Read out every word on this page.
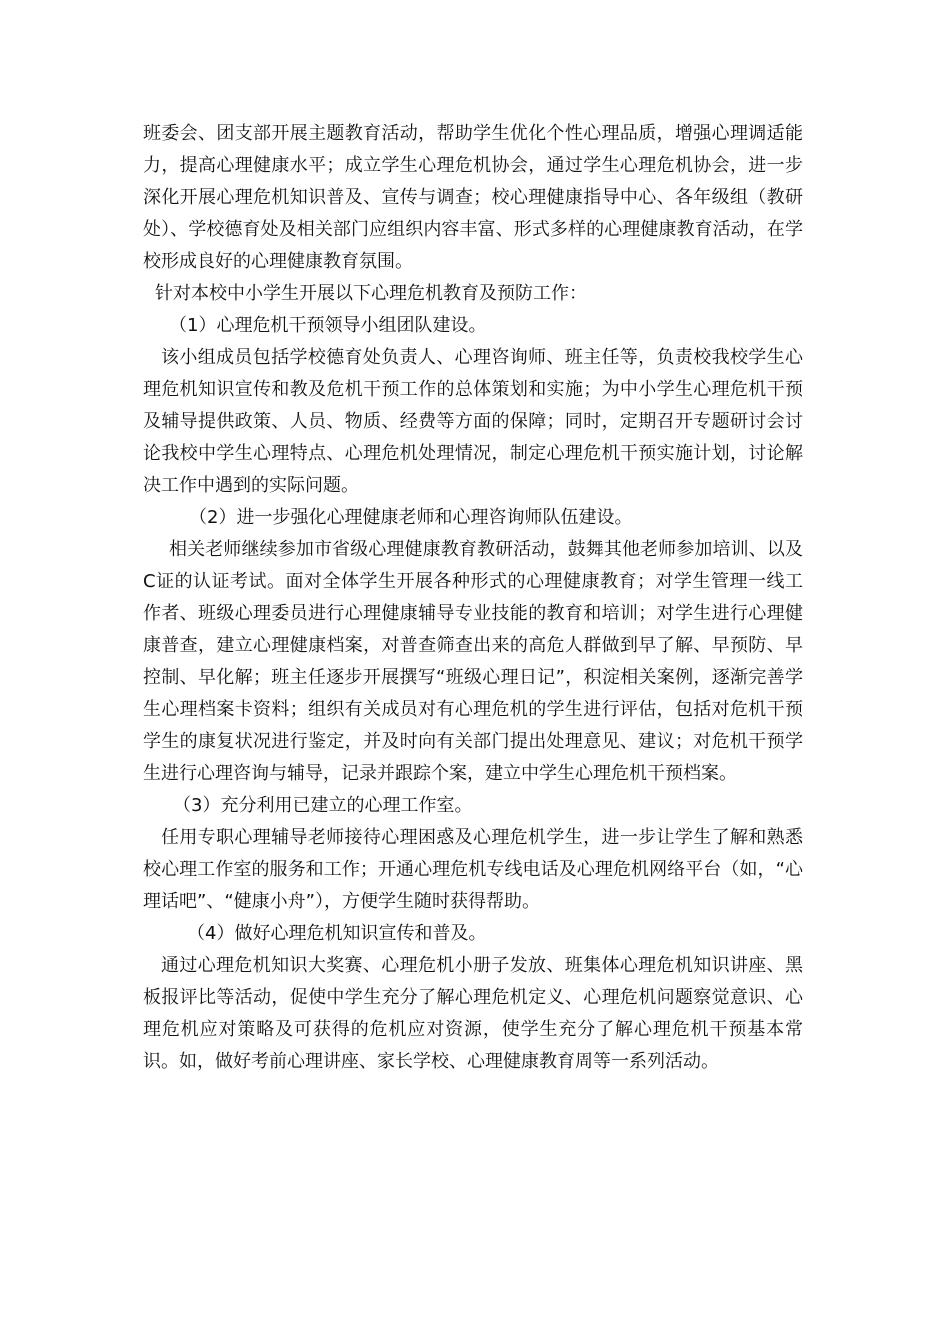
班委会、团支部开展主题教育活动，帮助学生优化个性心理品质，增强心理调适能力，提高心理健康水平；成立学生心理危机协会，通过学生心理危机协会，进一步深化开展心理危机知识普及、宣传与调查；校心理健康指导中心、各年级组（教研处）、学校德育处及相关部门应组织内容丰富、形式多样的心理健康教育活动，在学校形成良好的心理健康教育氛围。

针对本校中小学生开展以下心理危机教育及预防工作：

（1）心理危机干预领导小组团队建设。

该小组成员包括学校德育处负责人、心理咨询师、班主任等，负责校我校学生心理危机知识宣传和教及危机干预工作的总体策划和实施；为中小学生心理危机干预及辅导提供政策、人员、物质、经费等方面的保障；同时，定期召开专题研讨会讨论我校中学生心理特点、心理危机处理情况，制定心理危机干预实施计划，讨论解决工作中遇到的实际问题。

（2）进一步强化心理健康老师和心理咨询师队伍建设。

相关老师继续参加市省级心理健康教育教研活动，鼓舞其他老师参加培训、以及C证的认证考试。面对全体学生开展各种形式的心理健康教育；对学生管理一线工作者、班级心理委员进行心理健康辅导专业技能的教育和培训；对学生进行心理健康普查，建立心理健康档案，对普查筛查出来的高危人群做到早了解、早预防、早控制、早化解；班主任逐步开展撰写“班级心理日记”，积淀相关案例，逐渐完善学生心理档案卡资料；组织有关成员对有心理危机的学生进行评估，包括对危机干预学生的康复状况进行鉴定，并及时向有关部门提出处理意见、建议；对危机干预学生进行心理咨询与辅导，记录并跟踪个案，建立中学生心理危机干预档案。

（3）充分利用已建立的心理工作室。

任用专职心理辅导老师接待心理困惑及心理危机学生，进一步让学生了解和熟悉校心理工作室的服务和工作；开通心理危机专线电话及心理危机网络平台（如，“心理话吧”、“健康小舟”），方便学生随时获得帮助。

（4）做好心理危机知识宣传和普及。

通过心理危机知识大奖赛、心理危机小册子发放、班集体心理危机知识讲座、黑板报评比等活动，促使中学生充分了解心理危机定义、心理危机问题察觉意识、心理危机应对策略及可获得的危机应对资源，使学生充分了解心理危机干预基本常识。如，做好考前心理讲座、家长学校、心理健康教育周等一系列活动。
